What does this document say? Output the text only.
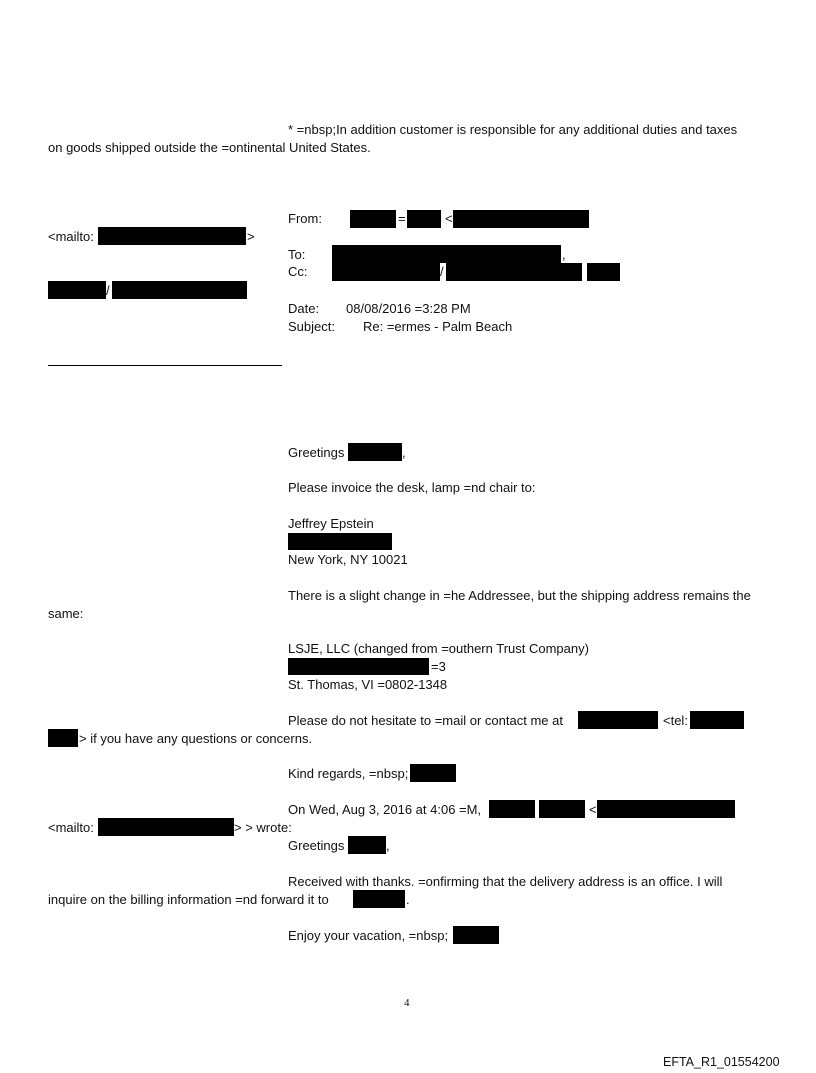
* =nbsp;In addition customer is responsible for any additional duties and taxes
on goods shipped outside the =ontinental United States.
From:	=	<
<mailto:	>
To:	,
Cc:	/
/
Date: 08/08/2016 =3:28 PM
Subject: Re: =ermes - Palm Beach
Greetings	,
Please invoice the desk, lamp =nd chair to:
Jeffrey Epstein
New York, NY 10021
There is a slight change in =he Addressee, but the shipping address remains the
same:
LSJE, LLC (changed from =outhern Trust Company)
=3
St. Thomas, VI =0802-1348
Please do not hesitate to =mail or contact me at	<tel:
> if you have any questions or concerns.
Kind regards, =nbsp;
On Wed, Aug 3, 2016 at 4:06 =M,	<
<mailto:	> > wrote:
Greetings	,
Received with thanks. =onfirming that the delivery address is an office. I will
inquire on the billing information =nd forward it to	.
Enjoy your vacation, =nbsp;
4
EFTA_R1_01554200
